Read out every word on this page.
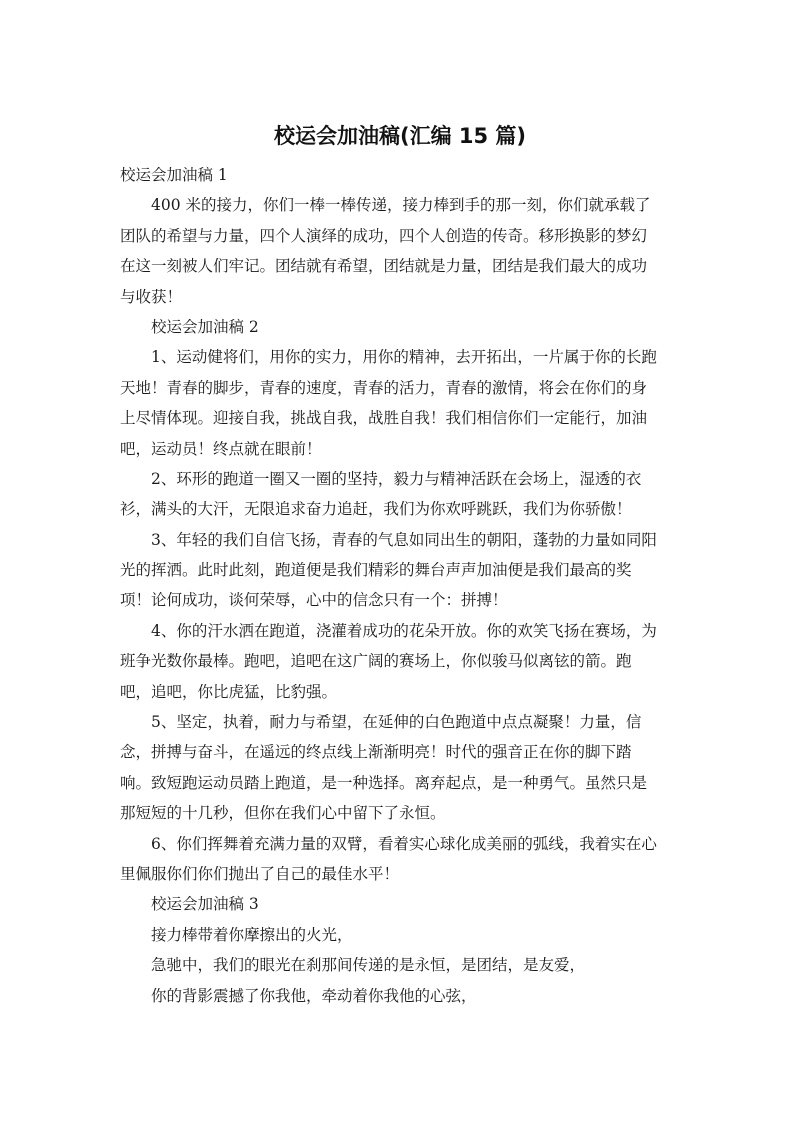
校运会加油稿(汇编 15 篇)
校运会加油稿 1
400 米的接力，你们一棒一棒传递，接力棒到手的那一刻，你们就承载了
团队的希望与力量，四个人演绎的成功，四个人创造的传奇。移形换影的梦幻
在这一刻被人们牢记。团结就有希望，团结就是力量，团结是我们最大的成功
与收获！
校运会加油稿 2
1、运动健将们，用你的实力，用你的精神，去开拓出，一片属于你的长跑
天地！青春的脚步，青春的速度，青春的活力，青春的激情，将会在你们的身
上尽情体现。迎接自我，挑战自我，战胜自我！我们相信你们一定能行，加油
吧，运动员！终点就在眼前！
2、环形的跑道一圈又一圈的坚持，毅力与精神活跃在会场上，湿透的衣
衫，满头的大汗，无限追求奋力追赶，我们为你欢呼跳跃，我们为你骄傲！
3、年轻的我们自信飞扬，青春的气息如同出生的朝阳，蓬勃的力量如同阳
光的挥洒。此时此刻，跑道便是我们精彩的舞台声声加油便是我们最高的奖
项！论何成功，谈何荣辱，心中的信念只有一个：拼搏！
4、你的汗水洒在跑道，浇灌着成功的花朵开放。你的欢笑飞扬在赛场，为
班争光数你最棒。跑吧，追吧在这广阔的赛场上，你似骏马似离铉的箭。跑
吧，追吧，你比虎猛，比豹强。
5、坚定，执着，耐力与希望，在延伸的白色跑道中点点凝聚！力量，信
念，拼搏与奋斗，在遥远的终点线上渐渐明亮！时代的强音正在你的脚下踏
响。致短跑运动员踏上跑道，是一种选择。离弃起点，是一种勇气。虽然只是
那短短的十几秒，但你在我们心中留下了永恒。
6、你们挥舞着充满力量的双臂，看着实心球化成美丽的弧线，我着实在心
里佩服你们你们抛出了自己的最佳水平！
校运会加油稿 3
接力棒带着你摩擦出的火光，
急驰中，我们的眼光在刹那间传递的是永恒，是团结，是友爱，
你的背影震撼了你我他，牵动着你我他的心弦，
